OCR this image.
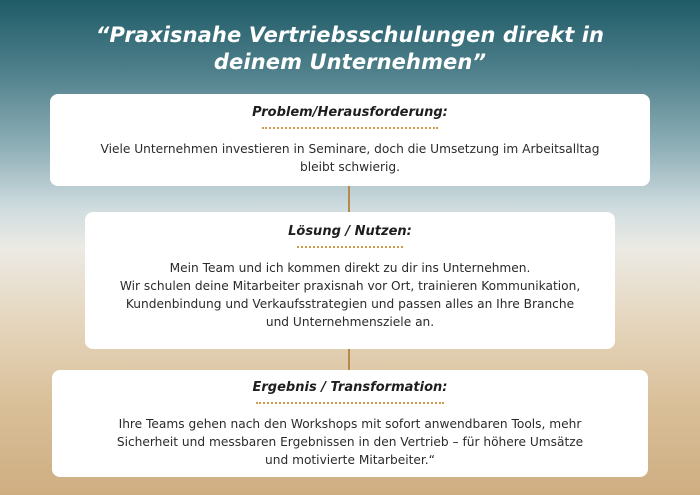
“Praxisnahe Vertriebsschulungen direkt in
deinem Unternehmen”
Problem/Herausforderung:
Viele Unternehmen investieren in Seminare, doch die Umsetzung im Arbeitsalltag
bleibt schwierig.
Lösung / Nutzen:
Mein Team und ich kommen direkt zu dir ins Unternehmen.
Wir schulen deine Mitarbeiter praxisnah vor Ort, trainieren Kommunikation,
Kundenbindung und Verkaufsstrategien und passen alles an Ihre Branche
und Unternehmensziele an.
Ergebnis / Transformation:
Ihre Teams gehen nach den Workshops mit sofort anwendbaren Tools, mehr
Sicherheit und messbaren Ergebnissen in den Vertrieb – für höhere Umsätze
und motivierte Mitarbeiter.“
